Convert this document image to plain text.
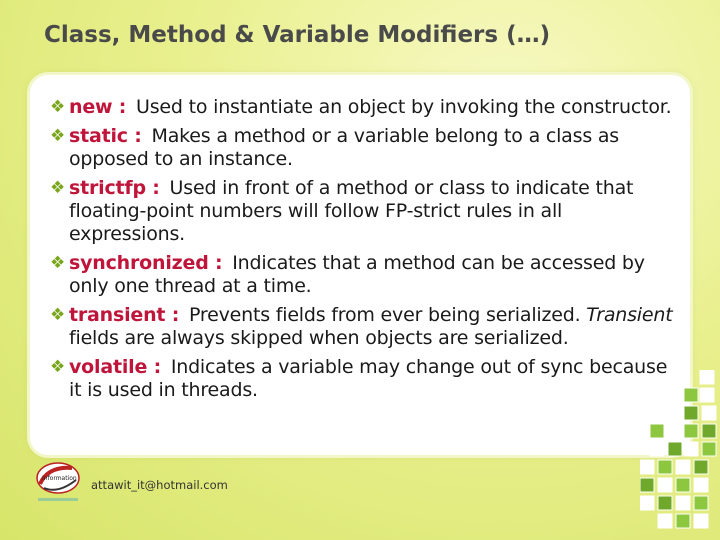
Class, Method & Variable Modifiers (…)
❖ new : Used to instantiate an object by invoking the constructor.
❖ static : Makes a method or a variable belong to a class as opposed to an instance.
❖ strictfp : Used in front of a method or class to indicate that floating-point numbers will follow FP-strict rules in all expressions.
❖ synchronized : Indicates that a method can be accessed by only one thread at a time.
❖ transient : Prevents fields from ever being serialized. Transient fields are always skipped when objects are serialized.
❖ volatile : Indicates a variable may change out of sync because it is used in threads.
Information attawit_it@hotmail.com
